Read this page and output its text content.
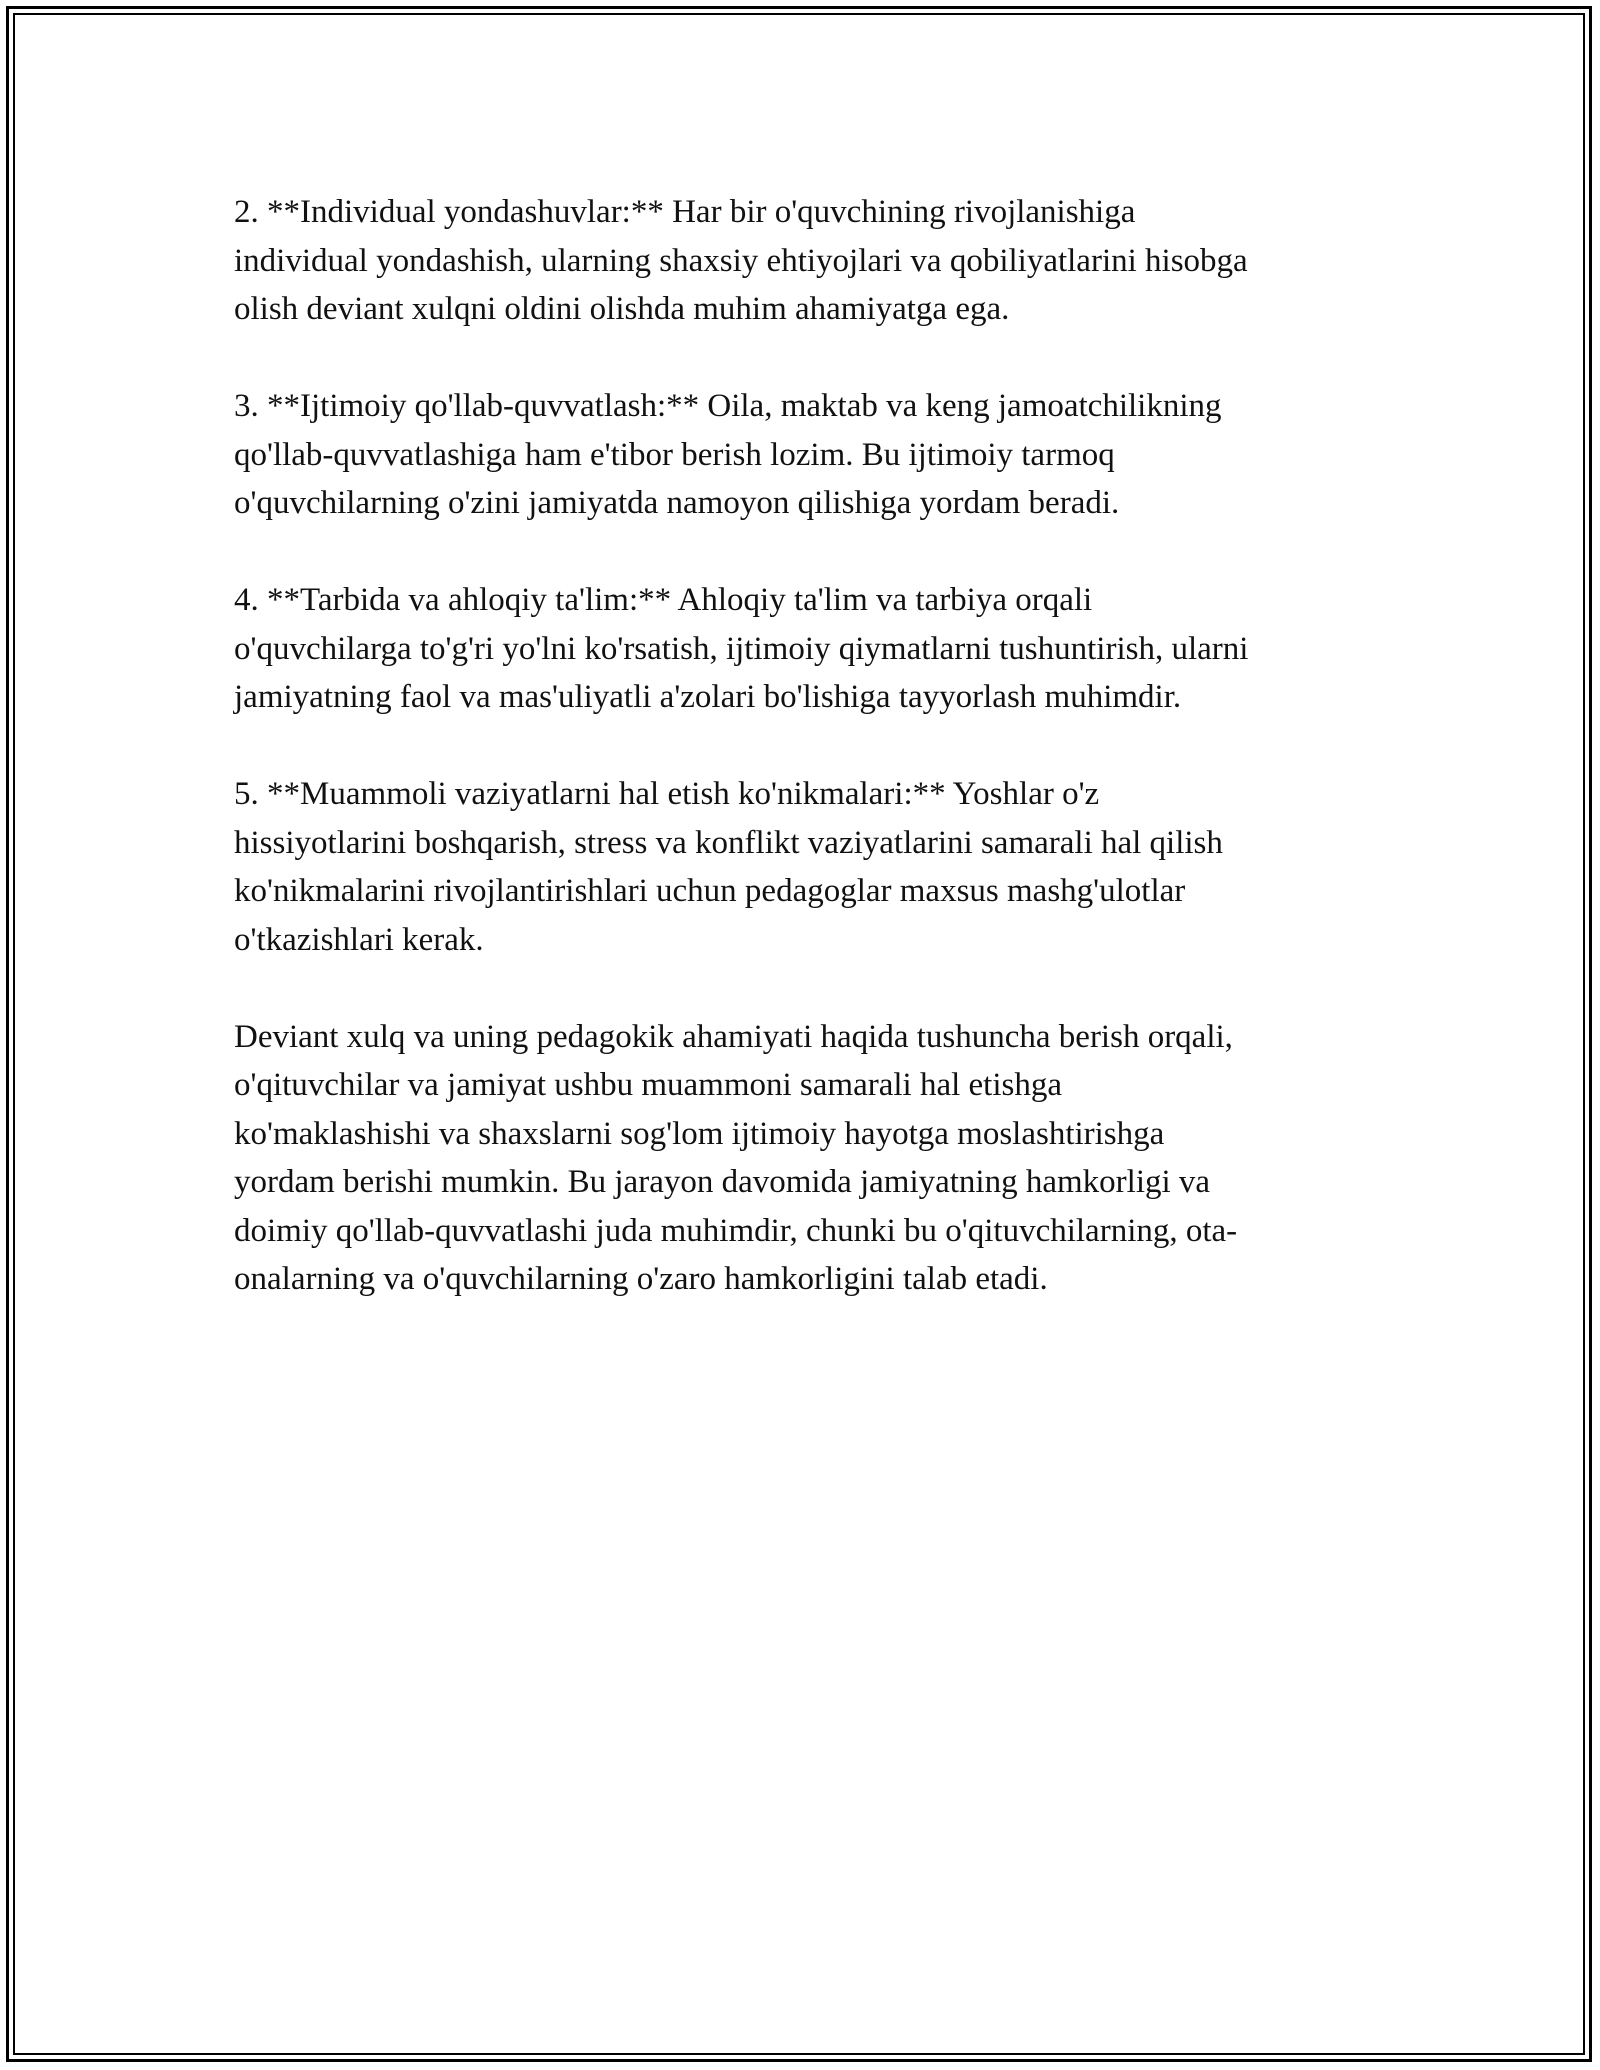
2. **Individual yondashuvlar:** Har bir o'quvchining rivojlanishiga
individual yondashish, ularning shaxsiy ehtiyojlari va qobiliyatlarini hisobga
olish deviant xulqni oldini olishda muhim ahamiyatga ega.

3. **Ijtimoiy qo'llab-quvvatlash:** Oila, maktab va keng jamoatchilikning
qo'llab-quvvatlashiga ham e'tibor berish lozim. Bu ijtimoiy tarmoq
o'quvchilarning o'zini jamiyatda namoyon qilishiga yordam beradi.

4. **Tarbida va ahloqiy ta'lim:** Ahloqiy ta'lim va tarbiya orqali
o'quvchilarga to'g'ri yo'lni ko'rsatish, ijtimoiy qiymatlarni tushuntirish, ularni
jamiyatning faol va mas'uliyatli a'zolari bo'lishiga tayyorlash muhimdir.

5. **Muammoli vaziyatlarni hal etish ko'nikmalari:** Yoshlar o'z
hissiyotlarini boshqarish, stress va konflikt vaziyatlarini samarali hal qilish
ko'nikmalarini rivojlantirishlari uchun pedagoglar maxsus mashg'ulotlar
o'tkazishlari kerak.

Deviant xulq va uning pedagokik ahamiyati haqida tushuncha berish orqali,
o'qituvchilar va jamiyat ushbu muammoni samarali hal etishga
ko'maklashishi va shaxslarni sog'lom ijtimoiy hayotga moslashtirishga
yordam berishi mumkin. Bu jarayon davomida jamiyatning hamkorligi va
doimiy qo'llab-quvvatlashi juda muhimdir, chunki bu o'qituvchilarning, ota-
onalarning va o'quvchilarning o'zaro hamkorligini talab etadi.
